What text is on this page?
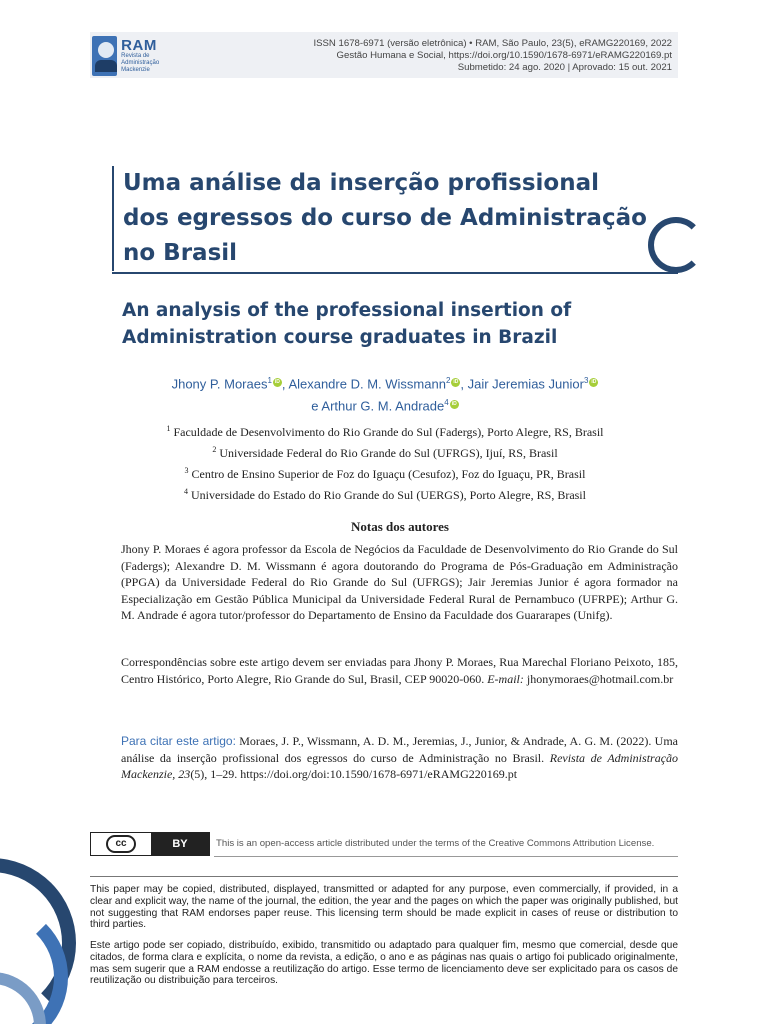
RAM
Revista de Administração
Mackenzie
ISSN 1678-6971 (versão eletrônica) • RAM, São Paulo, 23(5), eRAMG220169, 2022
Gestão Humana e Social, https://doi.org/10.1590/1678-6971/eRAMG220169.pt
Submetido: 24 ago. 2020 | Aprovado: 15 out. 2021
Uma análise da inserção profissional
dos egressos do curso de Administração
no Brasil
An analysis of the professional insertion of
Administration course graduates in Brazil
Jhony P. Moraes$^1$ iD , Alexandre D. M. Wissmann$^2$ iD , Jair Jeremias Junior$^3$ iD
e Arthur G. M. Andrade$^4$ iD
$^1$ Faculdade de Desenvolvimento do Rio Grande do Sul (Fadergs), Porto Alegre, RS, Brasil
$^2$ Universidade Federal do Rio Grande do Sul (UFRGS), Ijuí, RS, Brasil
$^3$ Centro de Ensino Superior de Foz do Iguaçu (Cesufoz), Foz do Iguaçu, PR, Brasil
$^4$ Universidade do Estado do Rio Grande do Sul (UERGS), Porto Alegre, RS, Brasil
Notas dos autores

Jhony P. Moraes é agora professor da Escola de Negócios da Faculdade de Desenvolvimento do Rio Grande do Sul (Fadergs); Alexandre D. M. Wissmann é agora doutorando do Programa de Pós-Graduação em Administração (PPGA) da Universidade Federal do Rio Grande do Sul (UFRGS); Jair Jeremias Junior é agora formador na Especialização em Gestão Pública Municipal da Universidade Federal Rural de Pernambuco (UFRPE); Arthur G. M. Andrade é agora tutor/professor do Departamento de Ensino da Faculdade dos Guararapes (Unifg).

Correspondências sobre este artigo devem ser enviadas para Jhony P. Moraes, Rua Marechal Floriano Peixoto, 185, Centro Histórico, Porto Alegre, Rio Grande do Sul, Brasil, CEP 90020-060. E-mail: jhonymoraes@hotmail.com.br

Para citar este artigo: Moraes, J. P., Wissmann, A. D. M., Jeremias, J., Junior, & Andrade, A. G. M. (2022). Uma análise da inserção profissional dos egressos do curso de Administração no Brasil. Revista de Administração Mackenzie, 23(5), 1–29. https://doi.org/doi:10.1590/1678-6971/eRAMG220169.pt

cc	BY	This is an open-access article distributed under the terms of the Creative Commons Attribution License.

This paper may be copied, distributed, displayed, transmitted or adapted for any purpose, even commercially, if provided, in a clear and explicit way, the name of the journal, the edition, the year and the pages on which the paper was originally published, but not suggesting that RAM endorses paper reuse. This licensing term should be made explicit in cases of reuse or distribution to third parties.

Este artigo pode ser copiado, distribuído, exibido, transmitido ou adaptado para qualquer fim, mesmo que comercial, desde que citados, de forma clara e explícita, o nome da revista, a edição, o ano e as páginas nas quais o artigo foi publicado originalmente, mas sem sugerir que a RAM endosse a reutilização do artigo. Esse termo de licenciamento deve ser explicitado para os casos de reutilização ou distribuição para terceiros.
